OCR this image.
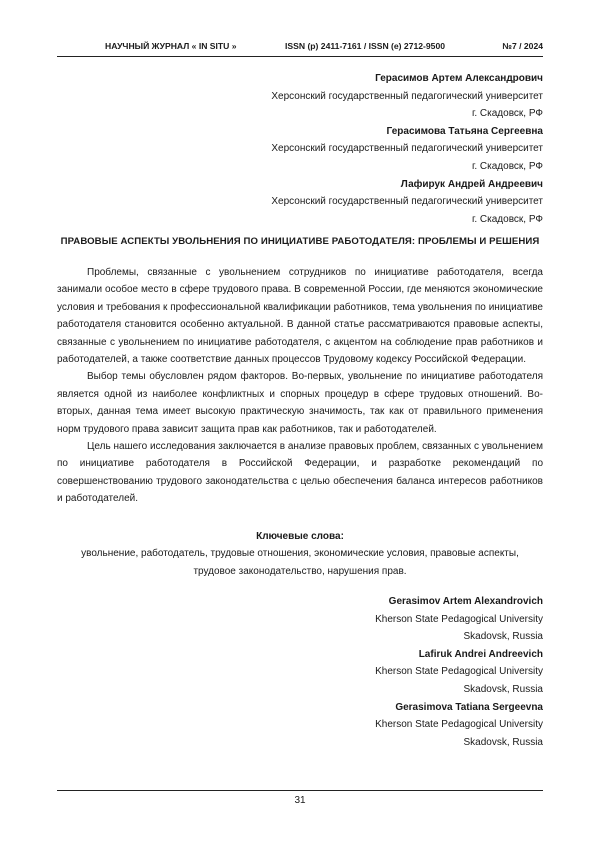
НАУЧНЫЙ ЖУРНАЛ « IN SITU »	ISSN (p) 2411-7161 / ISSN (e) 2712-9500	№7 / 2024
Герасимов Артем Александрович
Херсонский государственный педагогический университет
г. Скадовск, РФ
Герасимова Татьяна Сергеевна
Херсонский государственный педагогический университет
г. Скадовск, РФ
Лафирук Андрей Андреевич
Херсонский государственный педагогический университет
г. Скадовск, РФ
ПРАВОВЫЕ АСПЕКТЫ УВОЛЬНЕНИЯ ПО ИНИЦИАТИВЕ РАБОТОДАТЕЛЯ: ПРОБЛЕМЫ И РЕШЕНИЯ

Проблемы, связанные с увольнением сотрудников по инициативе работодателя, всегда занимали особое место в сфере трудового права. В современной России, где меняются экономические условия и требования к профессиональной квалификации работников, тема увольнения по инициативе работодателя становится особенно актуальной. В данной статье рассматриваются правовые аспекты, связанные с увольнением по инициативе работодателя, с акцентом на соблюдение прав работников и работодателей, а также соответствие данных процессов Трудовому кодексу Российской Федерации.

Выбор темы обусловлен рядом факторов. Во-первых, увольнение по инициативе работодателя является одной из наиболее конфликтных и спорных процедур в сфере трудовых отношений. Во-вторых, данная тема имеет высокую практическую значимость, так как от правильного применения норм трудового права зависит защита прав как работников, так и работодателей.

Цель нашего исследования заключается в анализе правовых проблем, связанных с увольнением по инициативе работодателя в Российской Федерации, и разработке рекомендаций по совершенствованию трудового законодательства с целью обеспечения баланса интересов работников и работодателей.

Ключевые слова:
увольнение, работодатель, трудовые отношения, экономические условия, правовые аспекты,
трудовое законодательство, нарушения прав.
Gerasimov Artem Alexandrovich
Kherson State Pedagogical University
Skadovsk, Russia
Lafiruk Andrei Andreevich
Kherson State Pedagogical University
Skadovsk, Russia
Gerasimova Tatiana Sergeevna
Kherson State Pedagogical University
Skadovsk, Russia
31
